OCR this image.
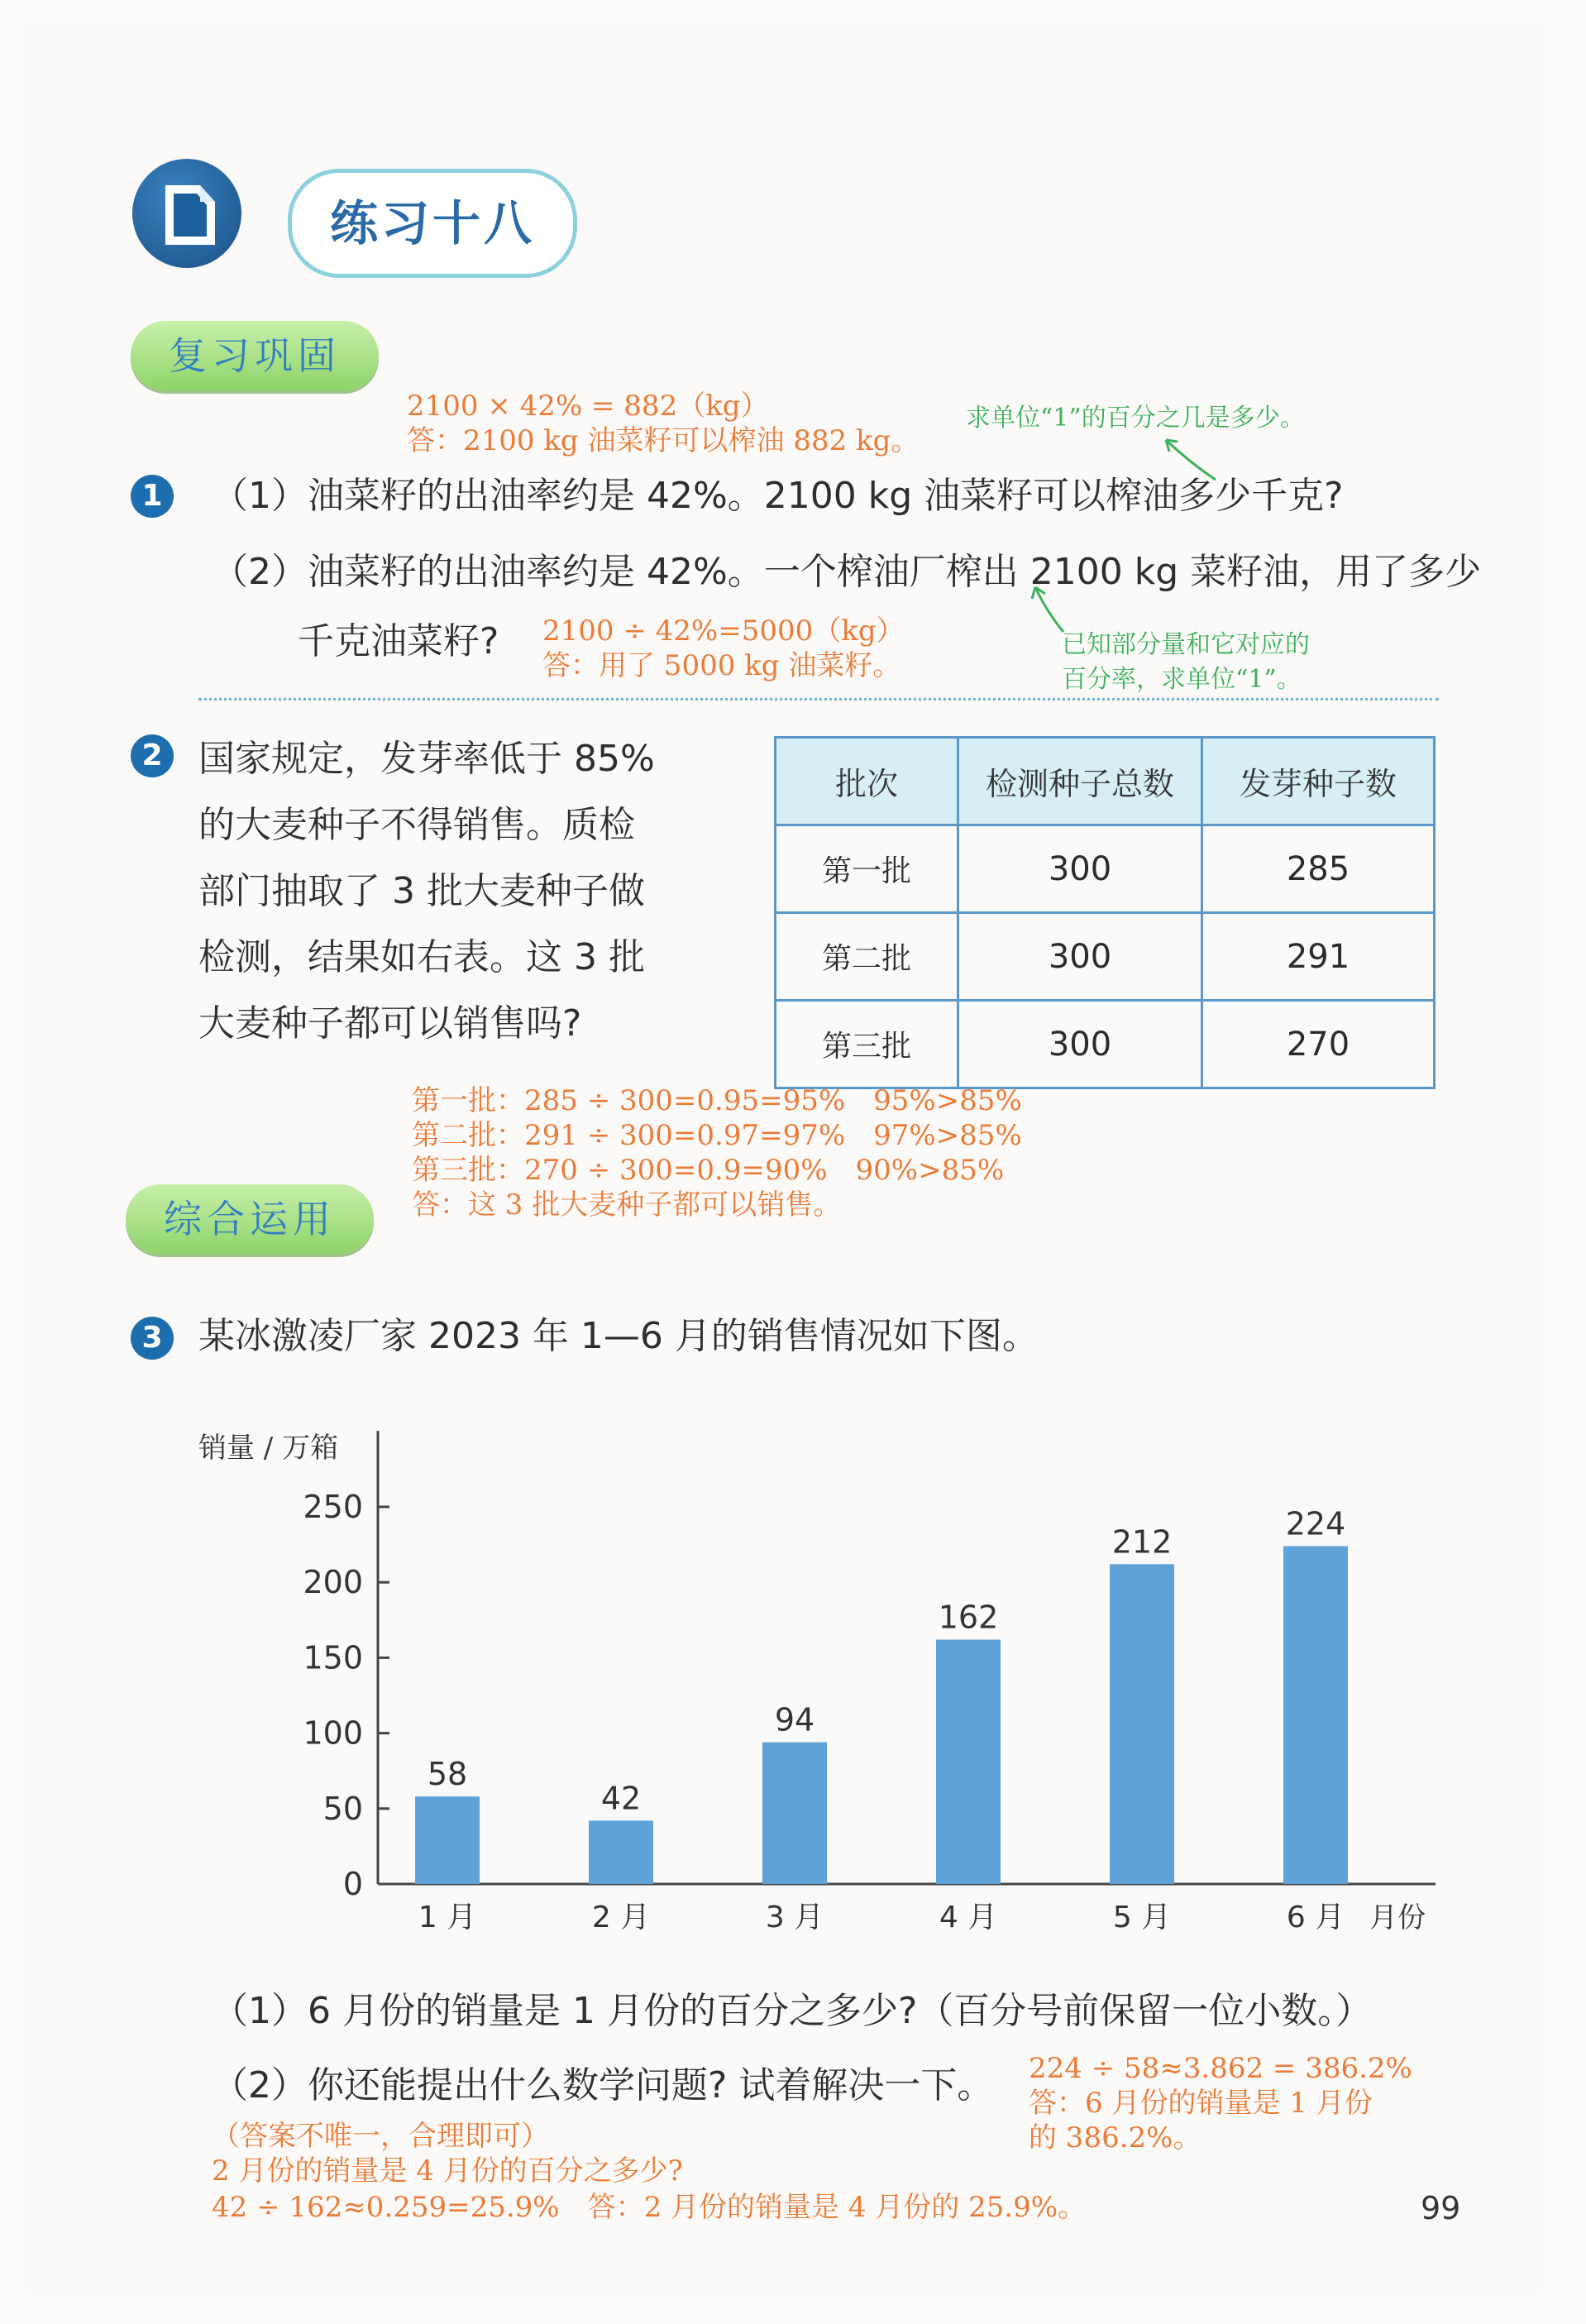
练习十八
复习巩固
2100 × 42% = 882（kg）
答：2100 kg 油菜籽可以榨油 882 kg。
求单位“1”的百分之几是多少。
1	（1）油菜籽的出油率约是 42%。2100 kg 油菜籽可以榨油多少千克?
（2）油菜籽的出油率约是 42%。一个榨油厂榨出 2100 kg 菜籽油，用了多少
千克油菜籽? 2100 ÷ 42%=5000（kg）
答：用了 5000 kg 油菜籽。
已知部分量和它对应的
百分率，求单位“1”。
2 国家规定，发芽率低于 85%
的大麦种子不得销售。质检
部门抽取了 3 批大麦种子做
检测，结果如右表。这 3 批
大麦种子都可以销售吗?
批次	检测种子总数	发芽种子数
第一批	300	285
第二批	300	291
第三批	300	270
第一批：285 ÷ 300=0.95=95%　95%>85%
第二批：291 ÷ 300=0.97=97%　97%>85%
第三批：270 ÷ 300=0.9=90%　90%>85%
答：这 3 批大麦种子都可以销售。
综合运用
3 某冰激凌厂家 2023 年 1—6 月的销售情况如下图。
销量 / 万箱
0
50
100
150
200
250
58
42
94
162
212	224
1 月	2 月	3 月	4 月	5 月	6 月 月份
（1）6 月份的销量是 1 月份的百分之多少?（百分号前保留一位小数。）
（2）你还能提出什么数学问题? 试着解决一下。 224 ÷ 58≈3.862 = 386.2%
答：6 月份的销量是 1 月份
的 386.2%。
（答案不唯一，合理即可）
2 月份的销量是 4 月份的百分之多少?
42 ÷ 162≈0.259=25.9%　答：2 月份的销量是 4 月份的 25.9%。	99
